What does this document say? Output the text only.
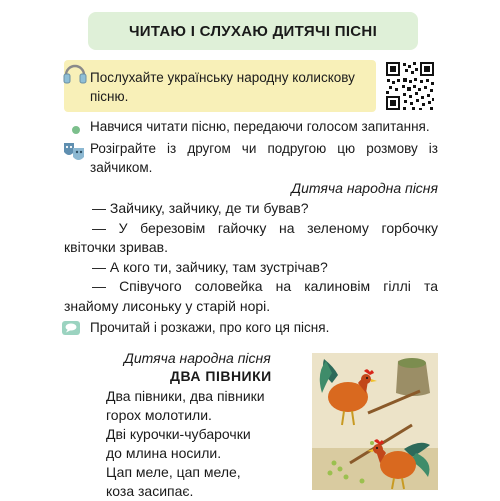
ЧИТАЮ І СЛУХАЮ ДИТЯЧІ ПІСНІ
Послухайте українську народну колискову пісню.
Навчися читати пісню, передаючи голосом запитання.
Розіграйте із другом чи подругою цю розмову із зайчиком.
Дитяча народна пісня

— Зайчику, зайчику, де ти бував?

— У березовім гайочку на зеленому горбочку квіточки зривав.

— А кого ти, зайчику, там зустрічав?

— Співучого соловейка на калиновім гіллі та знайому лисоньку у старій норі.

Прочитай і розкажи, про кого ця пісня.
Дитяча народна пісня
ДВА ПІВНИКИ
Два півники, два півники
горох молотили.
Дві курочки-чубарочки
до млина носили.
Цап меле, цап меле,
коза засипає.
